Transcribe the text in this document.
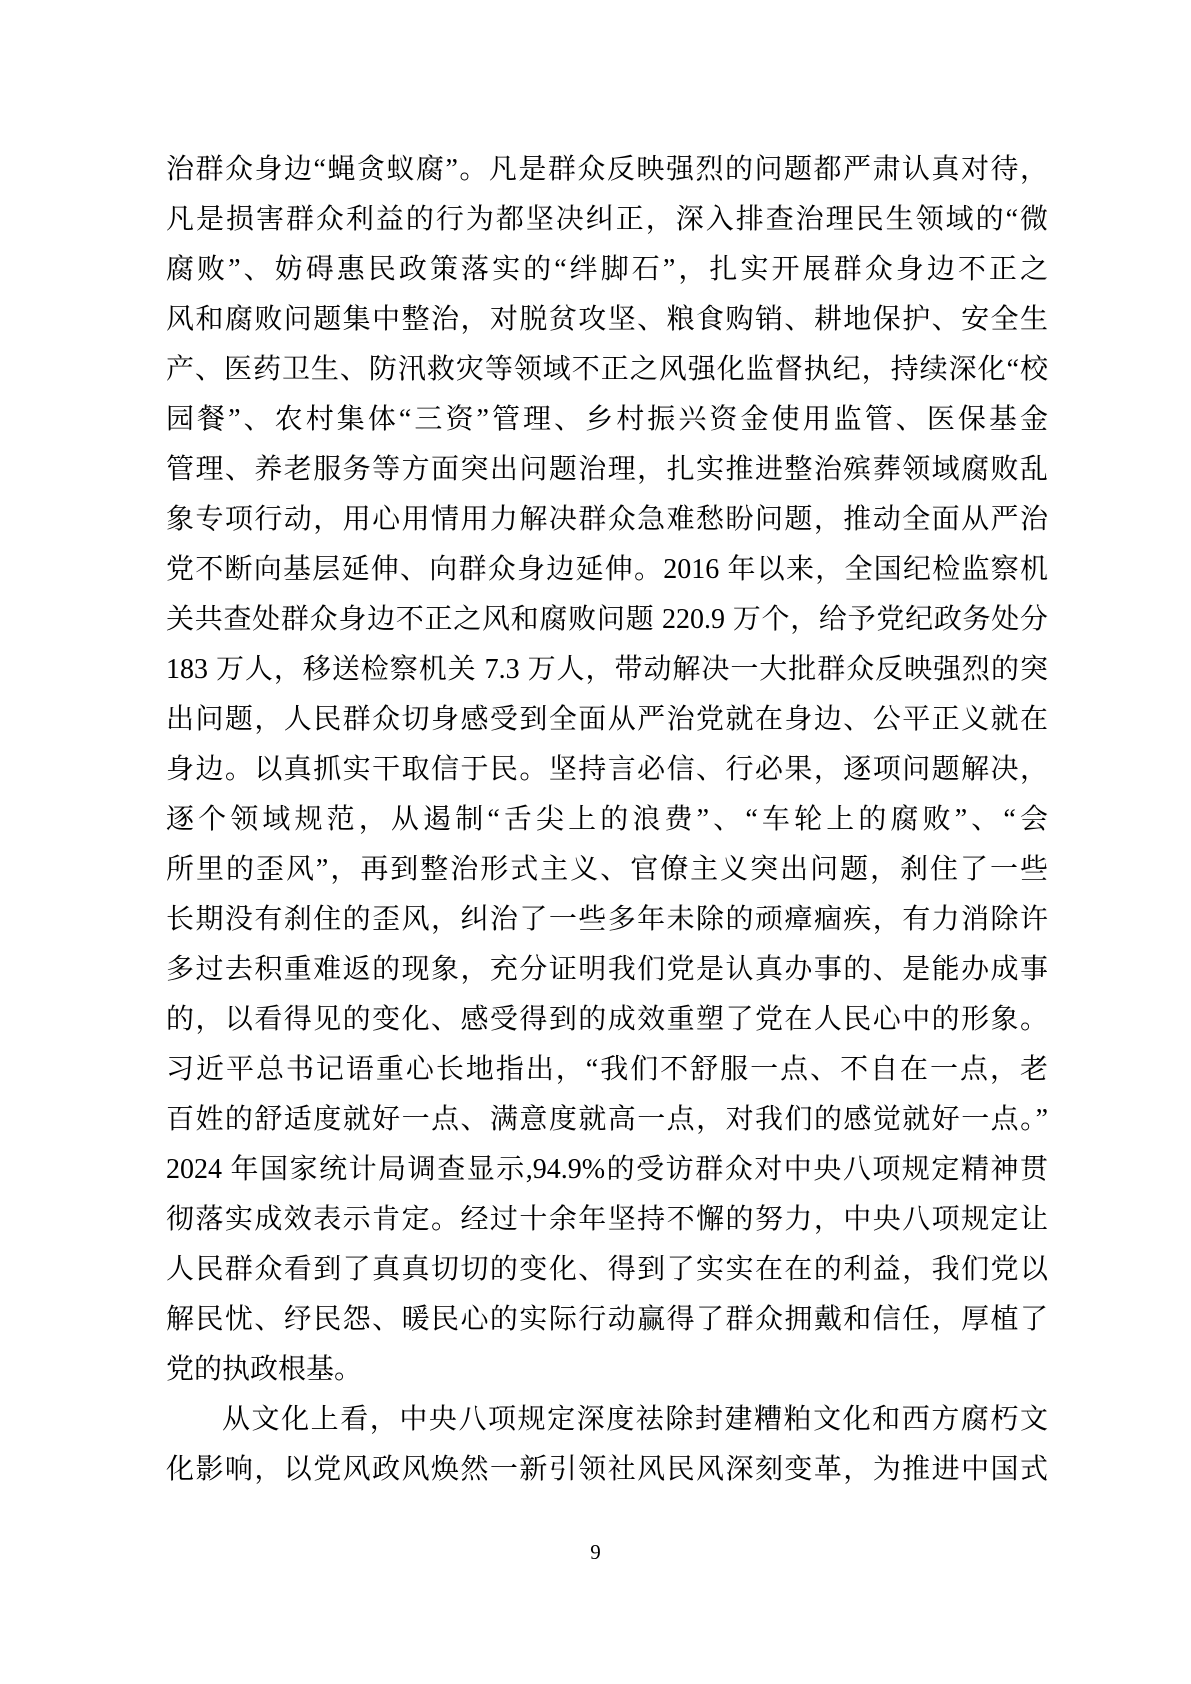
治群众身边“蝇贪蚁腐”。凡是群众反映强烈的问题都严肃认真对待，
凡是损害群众利益的行为都坚决纠正，深入排查治理民生领域的“微
腐败”、妨碍惠民政策落实的“绊脚石”，扎实开展群众身边不正之
风和腐败问题集中整治，对脱贫攻坚、粮食购销、耕地保护、安全生
产、医药卫生、防汛救灾等领域不正之风强化监督执纪，持续深化“校
园餐”、农村集体“三资”管理、乡村振兴资金使用监管、医保基金
管理、养老服务等方面突出问题治理，扎实推进整治殡葬领域腐败乱
象专项行动，用心用情用力解决群众急难愁盼问题，推动全面从严治
党不断向基层延伸、向群众身边延伸。2016 年以来，全国纪检监察机
关共查处群众身边不正之风和腐败问题 220.9 万个，给予党纪政务处分
183 万人，移送检察机关 7.3 万人，带动解决一大批群众反映强烈的突
出问题，人民群众切身感受到全面从严治党就在身边、公平正义就在
身边。以真抓实干取信于民。坚持言必信、行必果，逐项问题解决，
逐个领域规范，从遏制“舌尖上的浪费”、“车轮上的腐败”、“会
所里的歪风”，再到整治形式主义、官僚主义突出问题，刹住了一些
长期没有刹住的歪风，纠治了一些多年未除的顽瘴痼疾，有力消除许
多过去积重难返的现象，充分证明我们党是认真办事的、是能办成事
的，以看得见的变化、感受得到的成效重塑了党在人民心中的形象。
习近平总书记语重心长地指出，“我们不舒服一点、不自在一点，老
百姓的舒适度就好一点、满意度就高一点，对我们的感觉就好一点。”
2024 年国家统计局调查显示,94.9%的受访群众对中央八项规定精神贯
彻落实成效表示肯定。经过十余年坚持不懈的努力，中央八项规定让
人民群众看到了真真切切的变化、得到了实实在在的利益，我们党以
解民忧、纾民怨、暖民心的实际行动赢得了群众拥戴和信任，厚植了
党的执政根基。
从文化上看，中央八项规定深度祛除封建糟粕文化和西方腐朽文
化影响，以党风政风焕然一新引领社风民风深刻变革，为推进中国式
9
